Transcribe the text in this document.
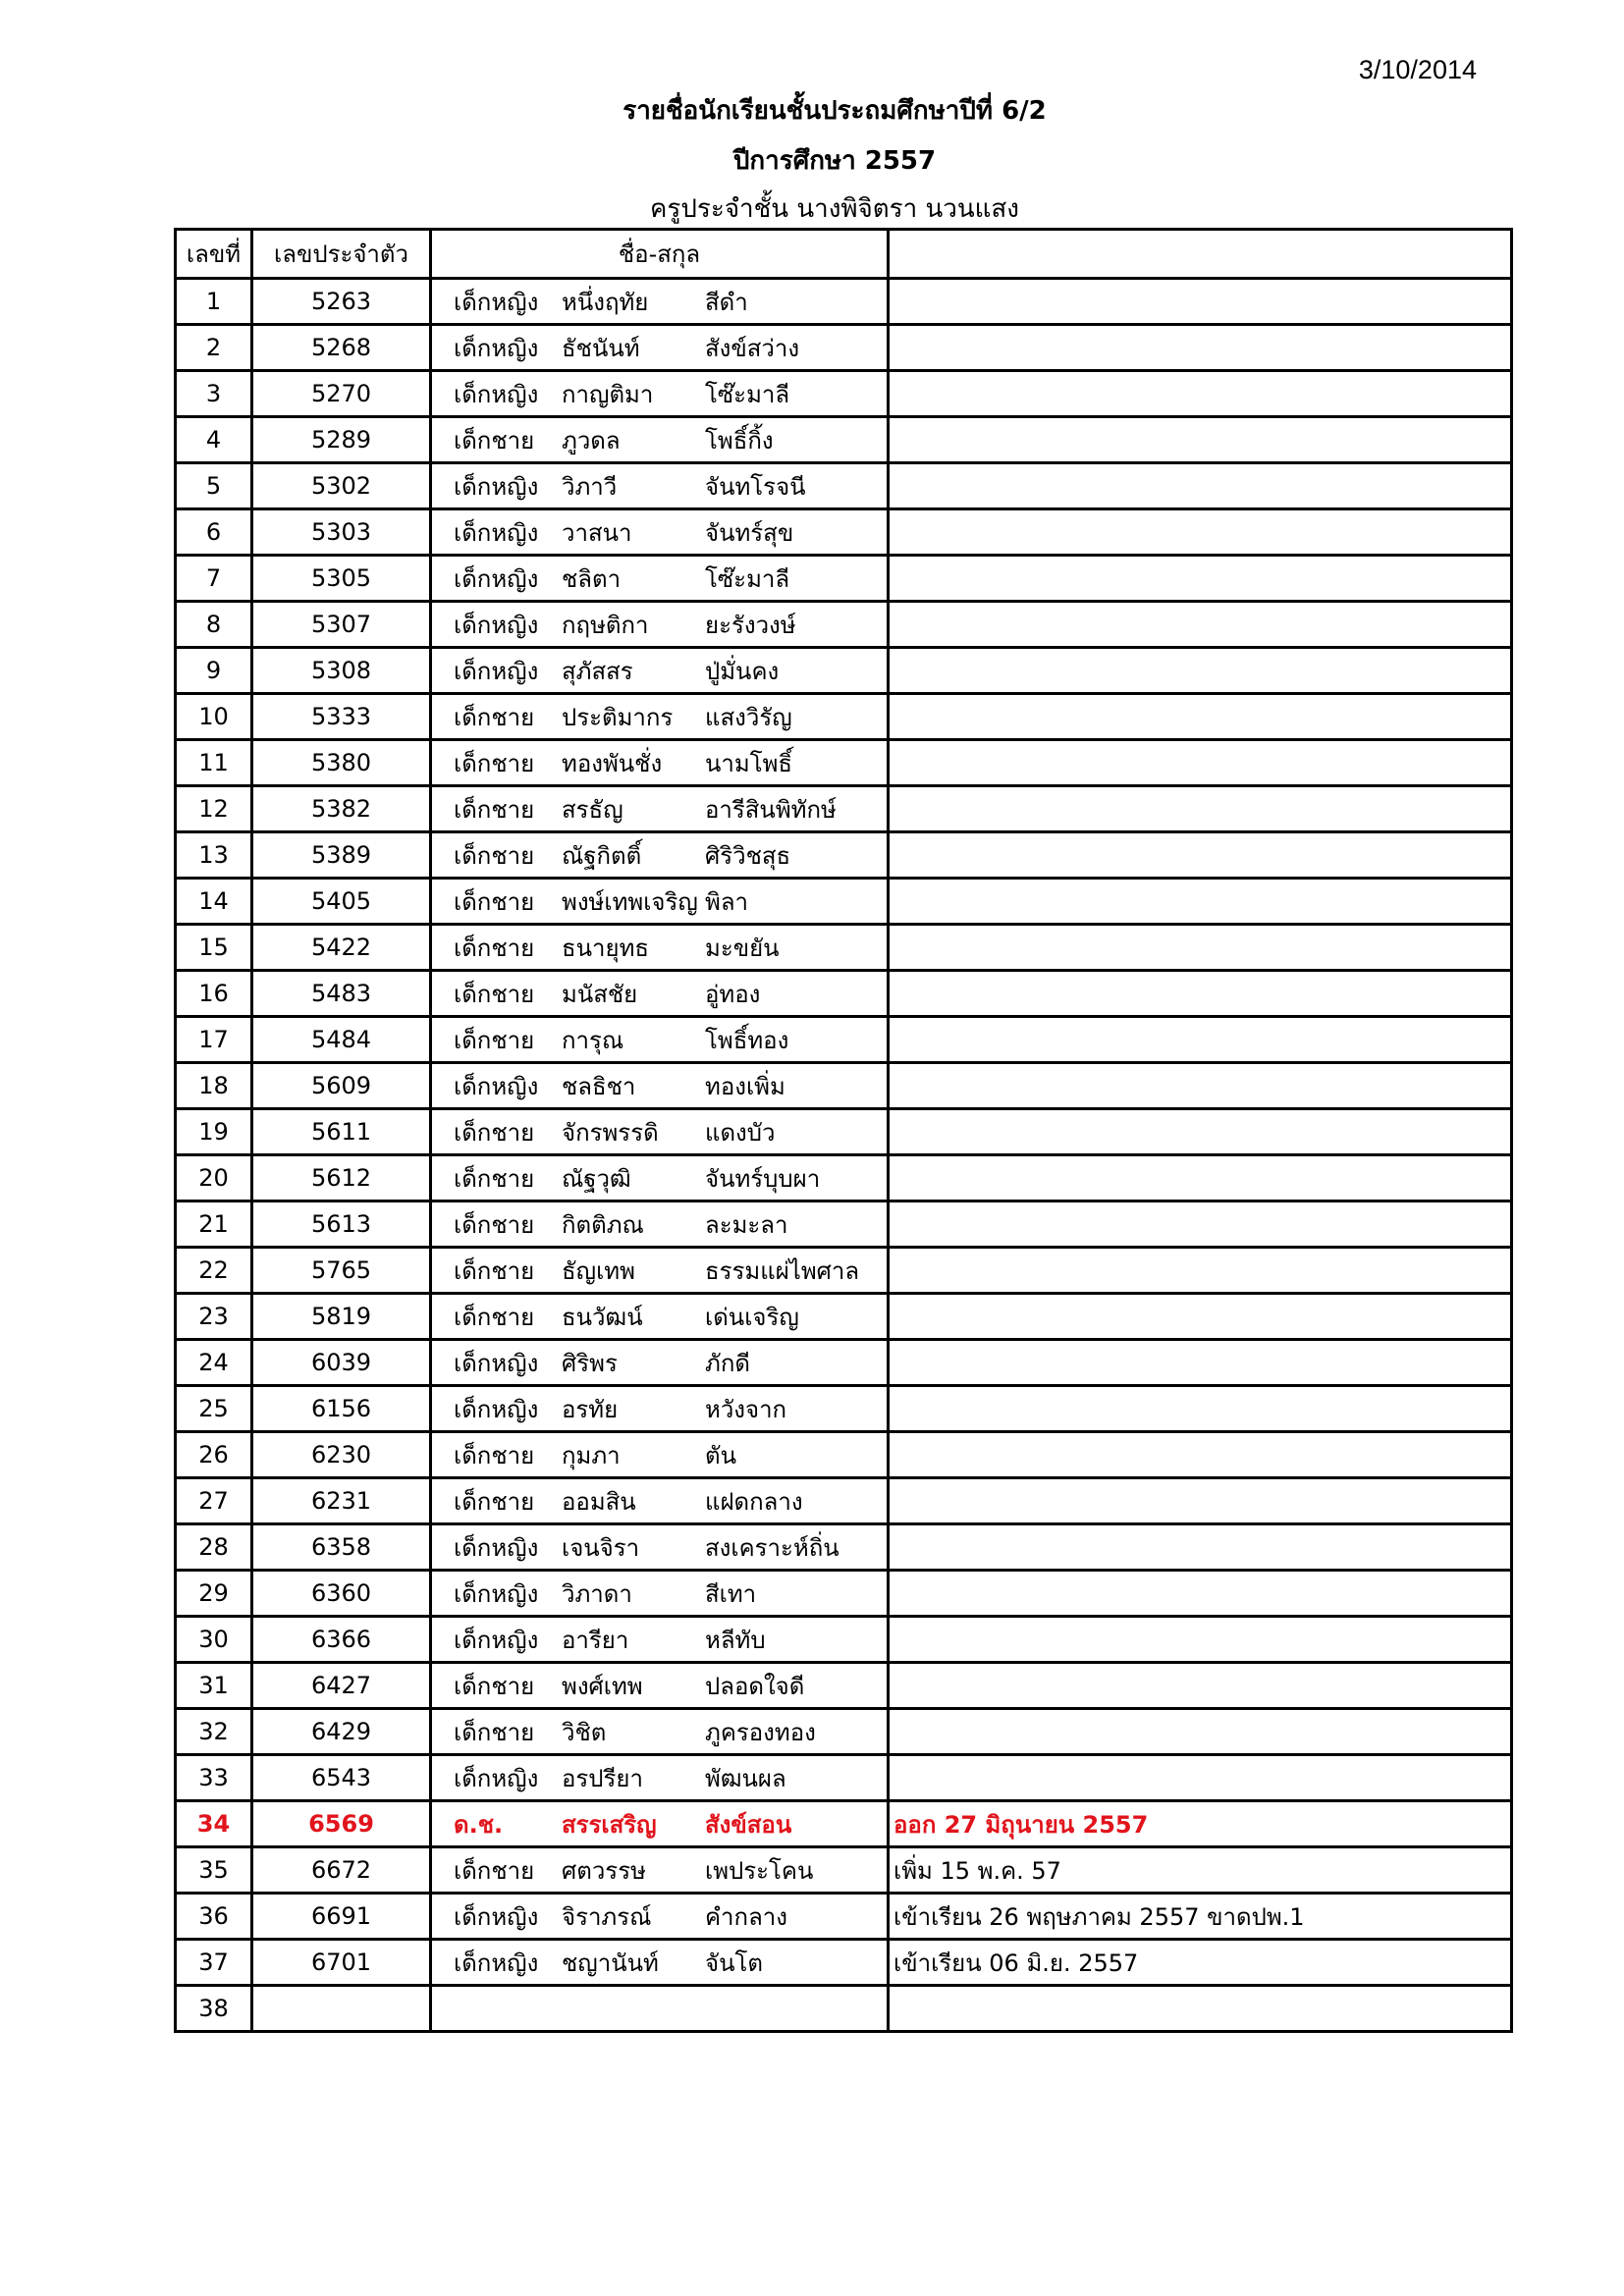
3/10/2014
รายชื่อนักเรียนชั้นประถมศึกษาปีที่ 6/2
ปีการศึกษา 2557
ครูประจำชั้น นางพิจิตรา นวนแสง
เลขที่	เลขประจำตัว	ชื่อ-สกุล	
1	5263	เด็กหญิง หนึ่งฤทัย สีดำ	

2	5268	เด็กหญิง ธัชนันท์ สังข์สว่าง	

3	5270	เด็กหญิง กาญติมา โซ๊ะมาลี	

4	5289	เด็กชาย ภูวดล โพธิ์กิ้ง	

5	5302	เด็กหญิง วิภาวี จันทโรจนี	

6	5303	เด็กหญิง วาสนา จันทร์สุข	

7	5305	เด็กหญิง ชลิตา โซ๊ะมาลี	

8	5307	เด็กหญิง กฤษติกา ยะรังวงษ์	

9	5308	เด็กหญิง สุภัสสร ปู่มั่นคง	

10	5333	เด็กชาย ประติมากร แสงวิรัญ	

11	5380	เด็กชาย ทองพันชั่ง นามโพธิ์	

12	5382	เด็กชาย สรธัญ อารีสินพิทักษ์	

13	5389	เด็กชาย ณัฐกิตติ์ ศิริวิชสุธ	

14	5405	เด็กชาย พงษ์เทพเจริญ พิลา	

15	5422	เด็กชาย ธนายุทธ มะขยัน	

16	5483	เด็กชาย มนัสชัย อู่ทอง	

17	5484	เด็กชาย การุณ โพธิ์ทอง	

18	5609	เด็กหญิง ชลธิชา ทองเพิ่ม	

19	5611	เด็กชาย จักรพรรดิ แดงบัว	

20	5612	เด็กชาย ณัฐวุฒิ จันทร์บุบผา	

21	5613	เด็กชาย กิตติภณ ละมะลา	

22	5765	เด็กชาย ธัญเทพ ธรรมแผ่ไพศาล	

23	5819	เด็กชาย ธนวัฒน์ เด่นเจริญ	

24	6039	เด็กหญิง ศิริพร ภักดี	

25	6156	เด็กหญิง อรทัย หวังจาก	

26	6230	เด็กชาย กุมภา ตัน	

27	6231	เด็กชาย ออมสิน แฝดกลาง	

28	6358	เด็กหญิง เจนจิรา สงเคราะห์ถิ่น	

29	6360	เด็กหญิง วิภาดา สีเทา	

30	6366	เด็กหญิง อารียา หลีทับ	

31	6427	เด็กชาย พงศ์เทพ ปลอดใจดี	

32	6429	เด็กชาย วิชิต ภูครองทอง	

33	6543	เด็กหญิง อรปรียา พัฒนผล	

34	6569	ด.ช. สรรเสริญ สังข์สอน	ออก 27 มิถุนายน 2557
35	6672	เด็กชาย ศตวรรษ เพประโคน	เพิ่ม 15 พ.ค. 57
36	6691	เด็กหญิง จิราภรณ์ คำกลาง	เข้าเรียน 26 พฤษภาคม 2557 ขาดปพ.1
37	6701	เด็กหญิง ชญานันท์ จันโต	เข้าเรียน 06 มิ.ย. 2557
38		
